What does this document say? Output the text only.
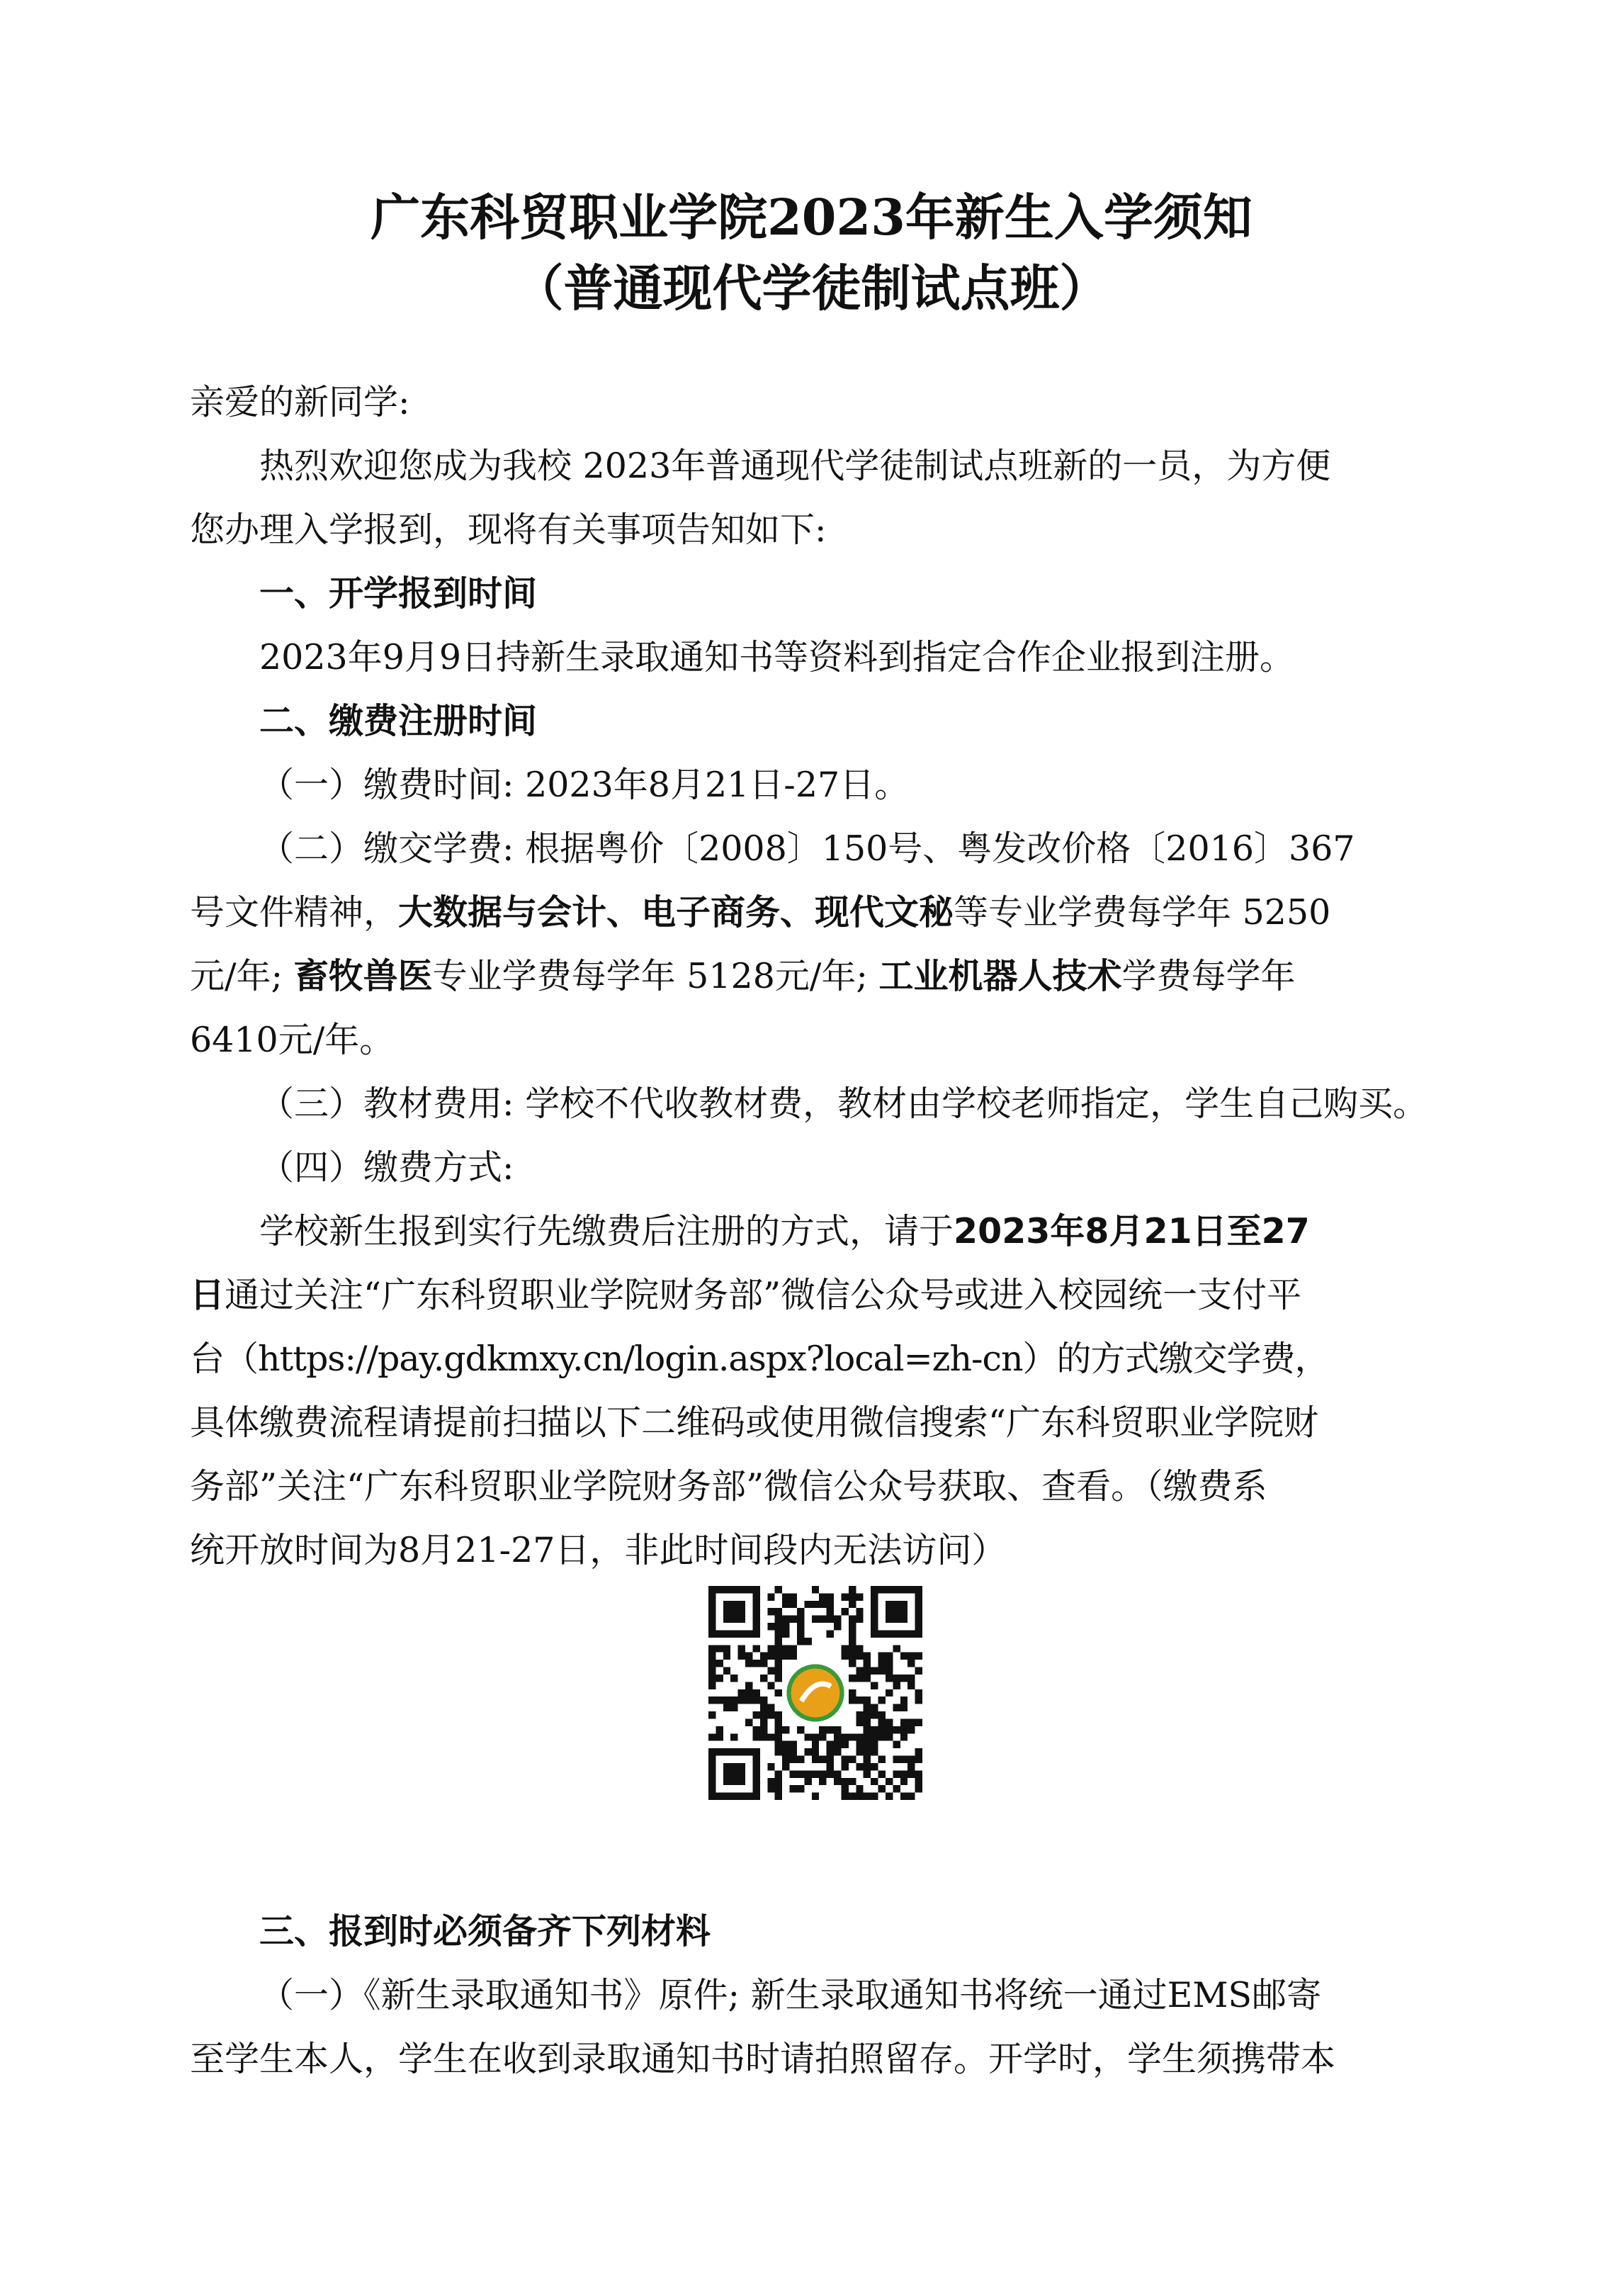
广东科贸职业学院2023年新生入学须知
（普通现代学徒制试点班）
亲爱的新同学:
热烈欢迎您成为我校 2023年普通现代学徒制试点班新的一员，为方便
您办理入学报到，现将有关事项告知如下:
一、开学报到时间
2023年9月9日持新生录取通知书等资料到指定合作企业报到注册。
二、缴费注册时间
（一）缴费时间: 2023年8月21日-27日。
（二）缴交学费: 根据粤价〔2008〕150号、粤发改价格〔2016〕367
号文件精神，大数据与会计、电子商务、现代文秘等专业学费每学年 5250
元/年; 畜牧兽医专业学费每学年 5128元/年; 工业机器人技术学费每学年
6410元/年。
（三）教材费用: 学校不代收教材费，教材由学校老师指定，学生自己购买。
（四）缴费方式:
学校新生报到实行先缴费后注册的方式，请于2023年8月21日至27
日通过关注“广东科贸职业学院财务部”微信公众号或进入校园统一支付平
台（https://pay.gdkmxy.cn/login.aspx?local=zh-cn）的方式缴交学费，
具体缴费流程请提前扫描以下二维码或使用微信搜索“广东科贸职业学院财
务部”关注“广东科贸职业学院财务部”微信公众号获取、查看。（缴费系
统开放时间为8月21-27日，非此时间段内无法访问）
三、报到时必须备齐下列材料
（一）《新生录取通知书》原件; 新生录取通知书将统一通过EMS邮寄
至学生本人，学生在收到录取通知书时请拍照留存。开学时，学生须携带本
